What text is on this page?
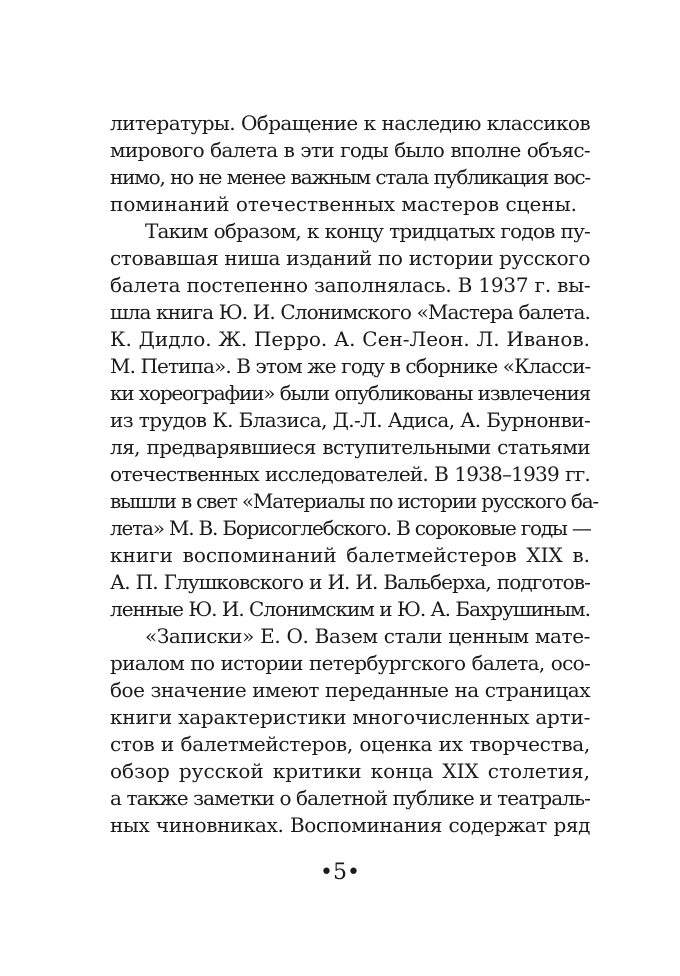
литературы. Обращение к наследию классиков
мирового балета в эти годы было вполне объяс-
нимо, но не менее важным стала публикация вос-
поминаний отечественных мастеров сцены.
Таким образом, к концу тридцатых годов пу-
стовавшая ниша изданий по истории русского
балета постепенно заполнялась. В 1937 г. вы-
шла книга Ю. И. Слонимского «Мастера балета.
К. Дидло. Ж. Перро. А. Сен-Леон. Л. Иванов.
М. Петипа». В этом же году в сборнике «Класси-
ки хореографии» были опубликованы извлечения
из трудов К. Блазиса, Д.-Л. Адиса, А. Бурнонви-
ля, предварявшиеся вступительными статьями
отечественных исследователей. В 1938–1939 гг.
вышли в свет «Материалы по истории русского ба-
лета» М. В. Борисоглебского. В сороковые годы —
книги воспоминаний балетмейстеров XIX в.
А. П. Глушковского и И. И. Вальберха, подготов-
ленные Ю. И. Слонимским и Ю. А. Бахрушиным.
«Записки» Е. О. Вазем стали ценным мате-
риалом по истории петербургского балета, осо-
бое значение имеют переданные на страницах
книги характеристики многочисленных арти-
стов и балетмейстеров, оценка их творчества,
обзор русской критики конца XIX столетия,
а также заметки о балетной публике и театраль-
ных чиновниках. Воспоминания содержат ряд
•5•
